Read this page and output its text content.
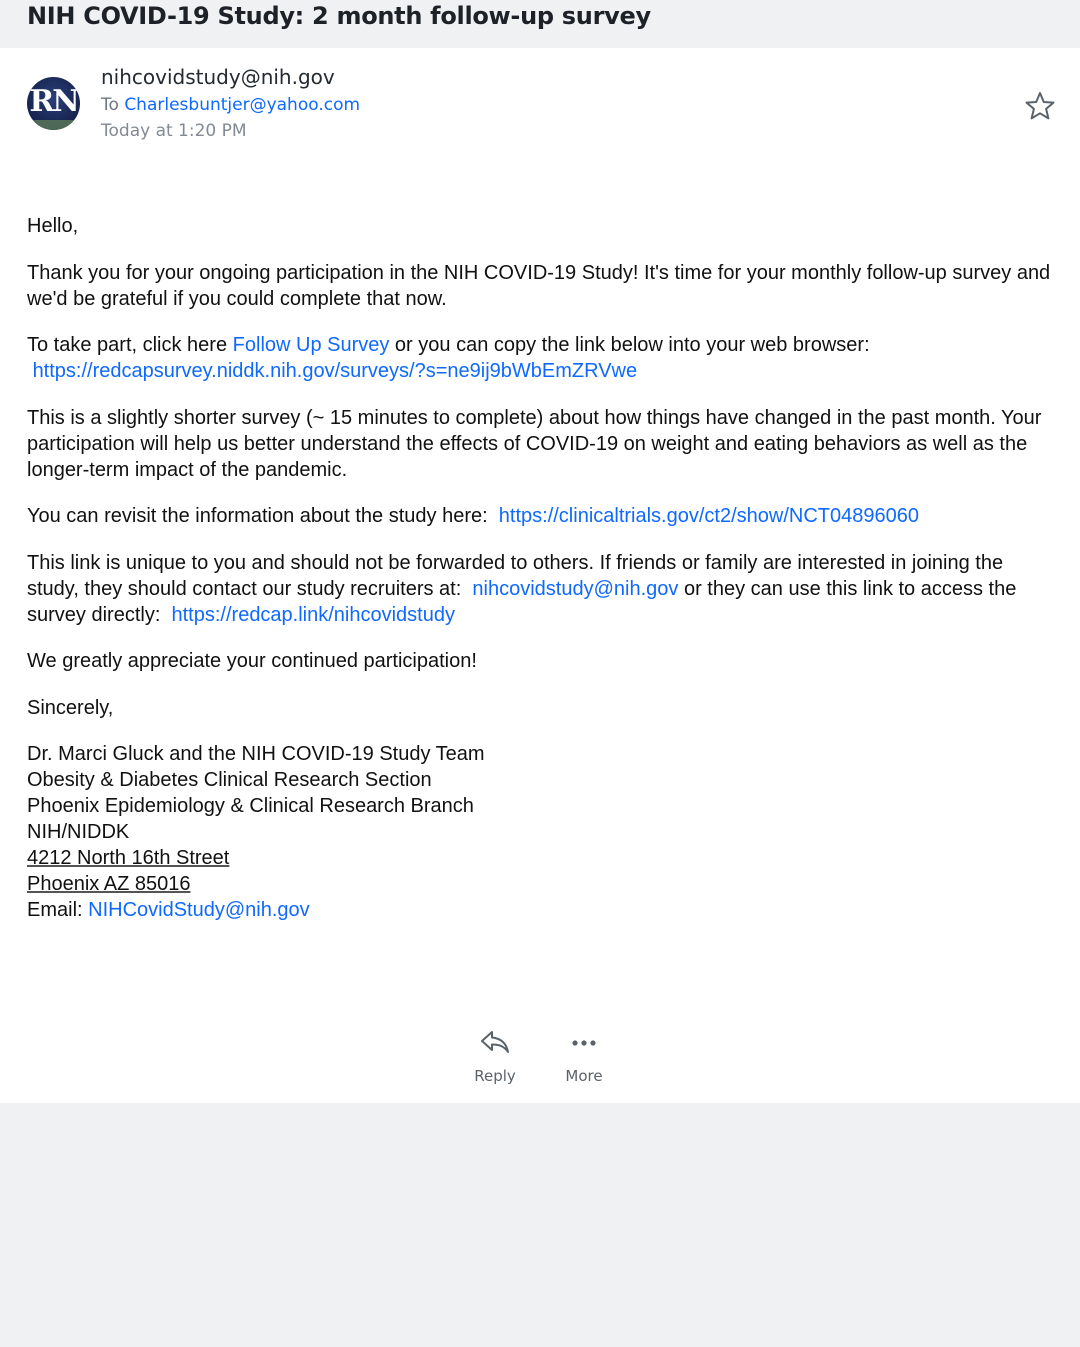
NIH COVID-19 Study: 2 month follow-up survey
RN
nihcovidstudy@nih.gov
To Charlesbuntjer@yahoo.com
Today at 1:20 PM

Hello,

Thank you for your ongoing participation in the NIH COVID-19 Study! It's time for your monthly follow-up survey and we'd be grateful if you could complete that now.

To take part, click here Follow Up Survey or you can copy the link below into your web browser:
https://redcapsurvey.niddk.nih.gov/surveys/?s=ne9ij9bWbEmZRVwe

This is a slightly shorter survey (~ 15 minutes to complete) about how things have changed in the past month. Your participation will help us better understand the effects of COVID-19 on weight and eating behaviors as well as the longer-term impact of the pandemic.

You can revisit the information about the study here:  https://clinicaltrials.gov/ct2/show/NCT04896060

This link is unique to you and should not be forwarded to others. If friends or family are interested in joining the study, they should contact our study recruiters at:  nihcovidstudy@nih.gov or they can use this link to access the survey directly:  https://redcap.link/nihcovidstudy

We greatly appreciate your continued participation!

Sincerely,

Dr. Marci Gluck and the NIH COVID-19 Study Team
Obesity & Diabetes Clinical Research Section
Phoenix Epidemiology & Clinical Research Branch
NIH/NIDDK
4212 North 16th Street
Phoenix AZ 85016
Email: NIHCovidStudy@nih.gov
Reply	More
